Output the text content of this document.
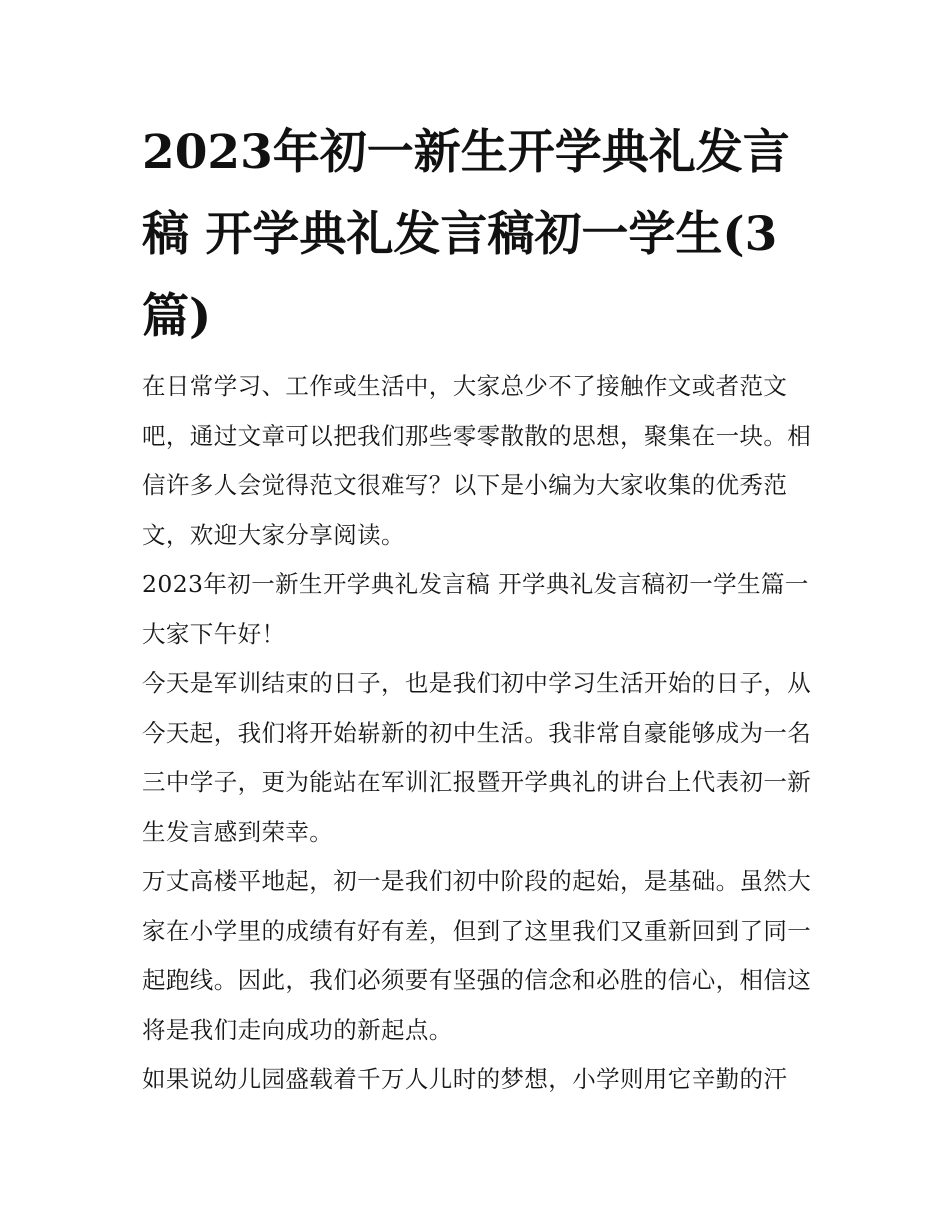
2023年初一新生开学典礼发言稿 开学典礼发言稿初一学生(3篇)

在日常学习、工作或生活中，大家总少不了接触作文或者范文吧，通过文章可以把我们那些零零散散的思想，聚集在一块。相信许多人会觉得范文很难写？以下是小编为大家收集的优秀范文，欢迎大家分享阅读。

2023年初一新生开学典礼发言稿 开学典礼发言稿初一学生篇一 大家下午好！

今天是军训结束的日子，也是我们初中学习生活开始的日子，从今天起，我们将开始崭新的初中生活。我非常自豪能够成为一名三中学子，更为能站在军训汇报暨开学典礼的讲台上代表初一新生发言感到荣幸。

万丈高楼平地起，初一是我们初中阶段的起始，是基础。虽然大家在小学里的成绩有好有差，但到了这里我们又重新回到了同一起跑线。因此，我们必须要有坚强的信念和必胜的信心，相信这将是我们走向成功的新起点。

如果说幼儿园盛载着千万人儿时的梦想，小学则用它辛勤的汗
